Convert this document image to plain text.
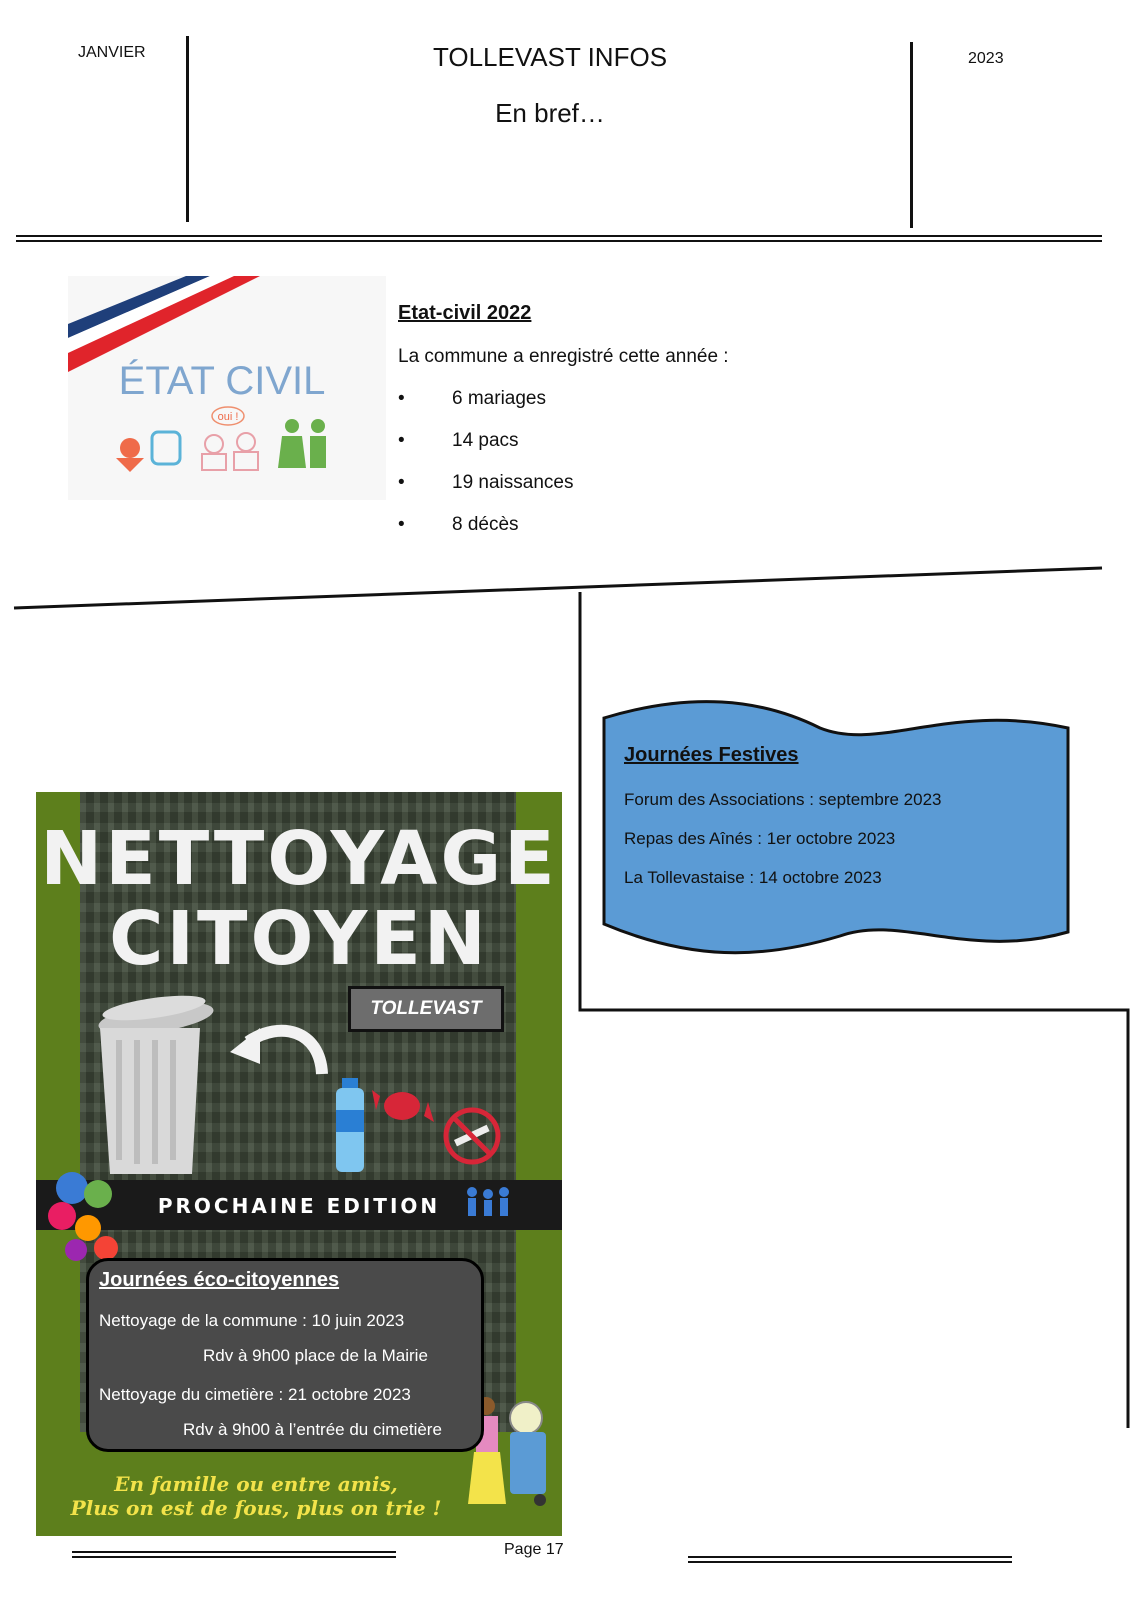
JANVIER	TOLLEVAST INFOS
En bref…
2023
ÉTAT CIVIL
oui !
Etat-civil 2022
La commune a enregistré cette année :
• 6 mariages
• 14 pacs
• 19 naissances
• 8 décès
Journées Festives
Forum des Associations : septembre 2023
Repas des Aînés : 1er octobre 2023
La Tollevastaise : 14 octobre 2023
NETTOYAGE
CITOYEN
TOLLEVAST
PROCHAINE EDITION
Journées éco-citoyennes
Nettoyage de la commune : 10 juin 2023
Rdv à 9h00 place de la Mairie
Nettoyage du cimetière : 21 octobre 2023
Rdv à 9h00 à l’entrée du cimetière
En famille ou entre amis,
Plus on est de fous, plus on trie !
Page 17
